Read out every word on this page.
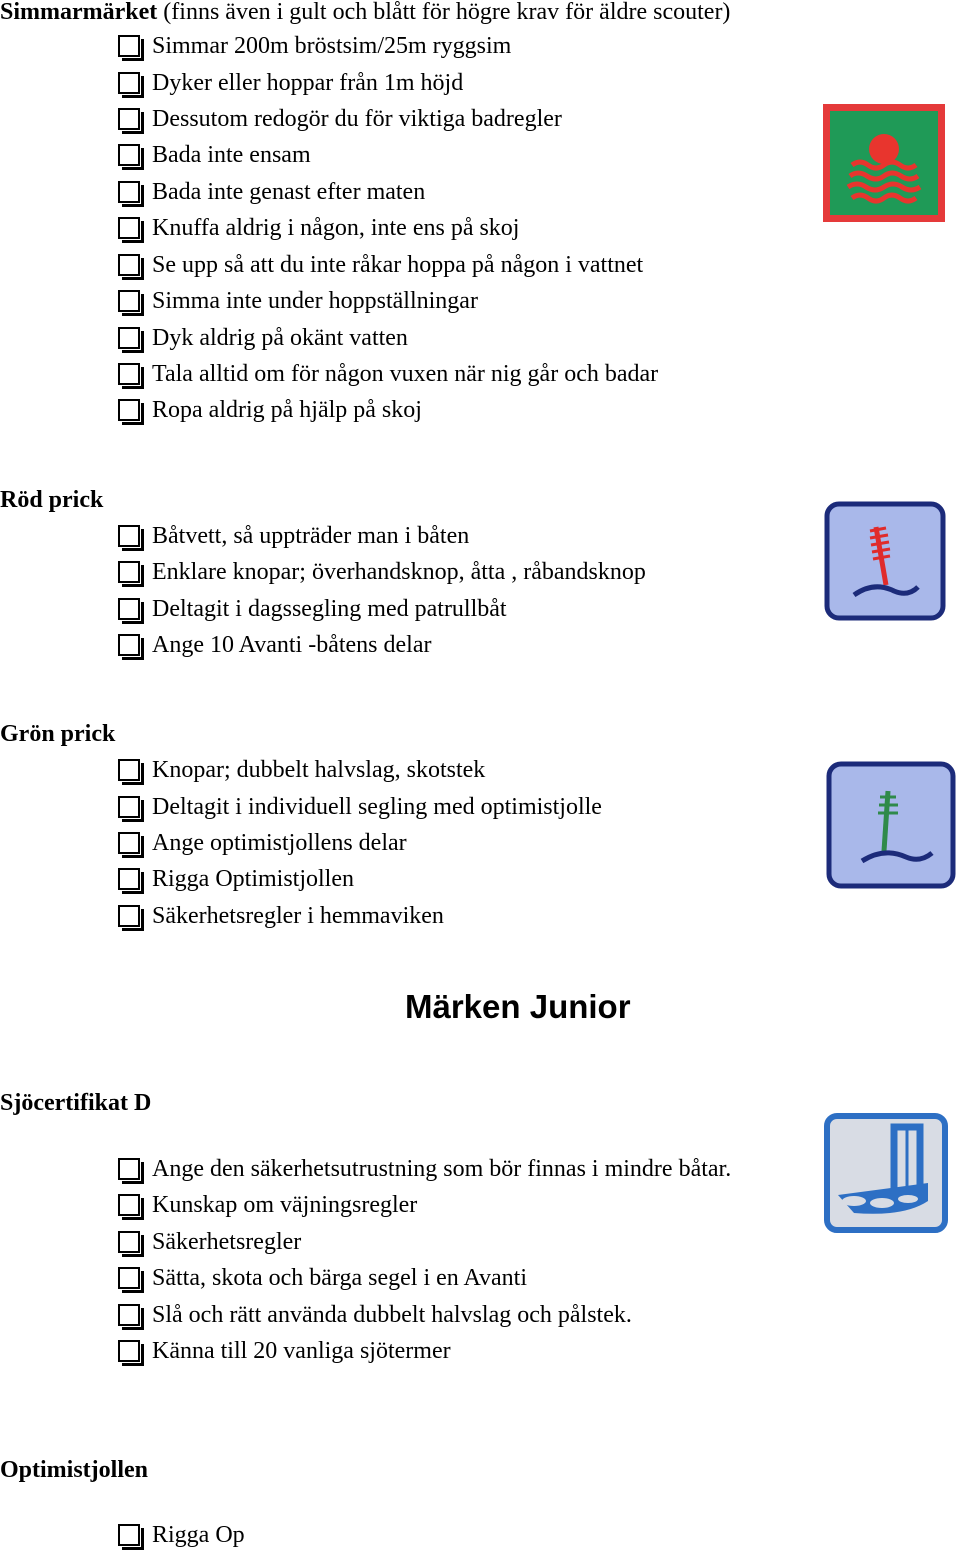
Simmarmärket (finns även i gult och blått för högre krav för äldre scouter)
Simmar 200m bröstsim/25m ryggsim
Dyker eller hoppar från 1m höjd
Dessutom redogör du för viktiga badregler
Bada inte ensam
Bada inte genast efter maten
Knuffa aldrig i någon, inte ens på skoj
Se upp så att du inte råkar hoppa på någon i vattnet
Simma inte under hoppställningar
Dyk aldrig på okänt vatten
Tala alltid om för någon vuxen när nig går och badar
Ropa aldrig på hjälp på skoj
Röd prick
Båtvett, så uppträder man i båten
Enklare knopar; överhandsknop, åtta , råbandsknop
Deltagit i dagssegling med patrullbåt
Ange 10 Avanti -båtens delar
Grön prick
Knopar; dubbelt halvslag, skotstek
Deltagit i individuell segling med optimistjolle
Ange optimistjollens delar
Rigga Optimistjollen
Säkerhetsregler i hemmaviken
Märken Junior
Sjöcertifikat D
Ange den säkerhetsutrustning som bör finnas i mindre båtar.
Kunskap om väjningsregler
Säkerhetsregler
Sätta, skota och bärga segel i en Avanti
Slå och rätt använda dubbelt halvslag och pålstek.
Känna till 20 vanliga sjötermer
Optimistjollen
Rigga Op
